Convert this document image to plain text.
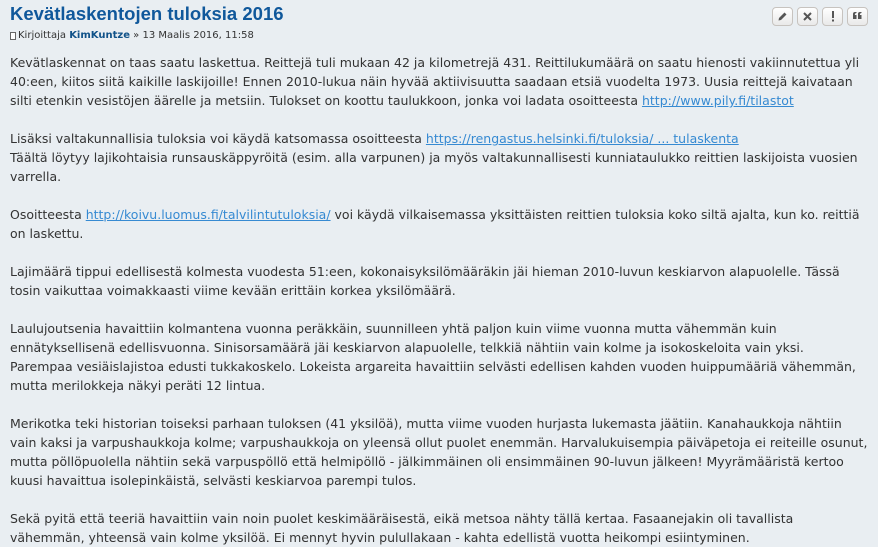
Kevätlaskentojen tuloksia 2016
Kirjoittaja
KimKuntze
» 13 Maalis 2016, 11:58

Kevätlaskennat on taas saatu laskettua. Reittejä tuli mukaan 42 ja kilometrejä 431. Reittilukumäärä on saatu hienosti vakiinnutettua yli 40:een, kiitos siitä kaikille laskijoille! Ennen 2010-lukua näin hyvää aktiivisuutta saadaan etsiä vuodelta 1973. Uusia reittejä kaivataan silti etenkin vesistöjen äärelle ja metsiin. Tulokset on koottu taulukkoon, jonka voi ladata osoitteesta http://www.pily.fi/tilastot

Lisäksi valtakunnallisia tuloksia voi käydä katsomassa osoitteesta https://rengastus.helsinki.fi/tuloksia/ ... tulaskenta
Täältä löytyy lajikohtaisia runsauskäppyröitä (esim. alla varpunen) ja myös valtakunnallisesti kunniataulukko reittien laskijoista vuosien varrella.

Osoitteesta http://koivu.luomus.fi/talvilintutuloksia/ voi käydä vilkaisemassa yksittäisten reittien tuloksia koko siltä ajalta, kun ko. reittiä on laskettu.

Lajimäärä tippui edellisestä kolmesta vuodesta 51:een, kokonaisyksilömääräkin jäi hieman 2010-luvun keskiarvon alapuolelle. Tässä tosin vaikuttaa voimakkaasti viime kevään erittäin korkea yksilömäärä.

Laulujoutsenia havaittiin kolmantena vuonna peräkkäin, suunnilleen yhtä paljon kuin viime vuonna mutta vähemmän kuin ennätyksellisenä edellisvuonna. Sinisorsamäärä jäi keskiarvon alapuolelle, telkkiä nähtiin vain kolme ja isokoskeloita vain yksi. Parempaa vesiäislajistoa edusti tukkakoskelo. Lokeista argareita havaittiin selvästi edellisen kahden vuoden huippumääriä vähemmän, mutta merilokkeja näkyi peräti 12 lintua.

Merikotka teki historian toiseksi parhaan tuloksen (41 yksilöä), mutta viime vuoden hurjasta lukemasta jäätiin. Kanahaukkoja nähtiin vain kaksi ja varpushaukkoja kolme; varpushaukkoja on yleensä ollut puolet enemmän. Harvalukuisempia päiväpetoja ei reiteille osunut, mutta pöllöpuolella nähtiin sekä varpuspöllö että helmipöllö - jälkimmäinen oli ensimmäinen 90-luvun jälkeen! Myyrämääristä kertoo kuusi havaittua isolepinkäistä, selvästi keskiarvoa parempi tulos.

Sekä pyitä että teeriä havaittiin vain noin puolet keskimääräisestä, eikä metsoa nähty tällä kertaa. Fasaanejakin oli tavallista vähemmän, yhteensä vain kolme yksilöä. Ei mennyt hyvin pulullakaan - kahta edellistä vuotta heikompi esiintyminen.
